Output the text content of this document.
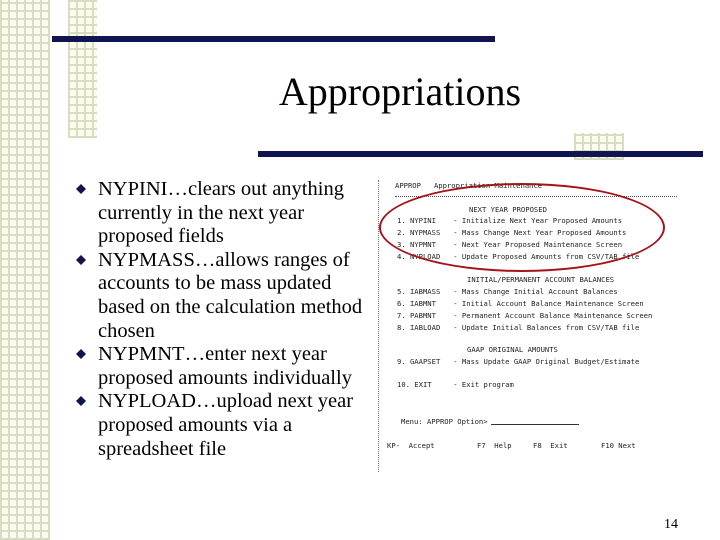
Appropriations
NYPINI…clears out anything currently in the next year proposed fields
NYPMASS…allows ranges of accounts to be mass updated based on the calculation method chosen
NYPMNT…enter next year proposed amounts individually
NYPLOAD…upload next year proposed amounts via a spreadsheet file
APPROP   Appropriation Maintenance
NEXT YEAR PROPOSED
1. NYPINI    - Initialize Next Year Proposed Amounts
2. NYPMASS   - Mass Change Next Year Proposed Amounts
3. NYPMNT    - Next Year Proposed Maintenance Screen
4. NYPLOAD   - Update Proposed Amounts from CSV/TAB file
INITIAL/PERMANENT ACCOUNT BALANCES
5. IABMASS   - Mass Change Initial Account Balances
6. IABMNT    - Initial Account Balance Maintenance Screen
7. PABMNT    - Permanent Account Balance Maintenance Screen
8. IABLOAD   - Update Initial Balances from CSV/TAB file
GAAP ORIGINAL AMOUNTS
9. GAAPSET   - Mass Update GAAP Original Budget/Estimate
10. EXIT     - Exit program
Menu: APPROP Option>
KP-  Accept	F7  Help	F8  Exit	F10 Next
14
